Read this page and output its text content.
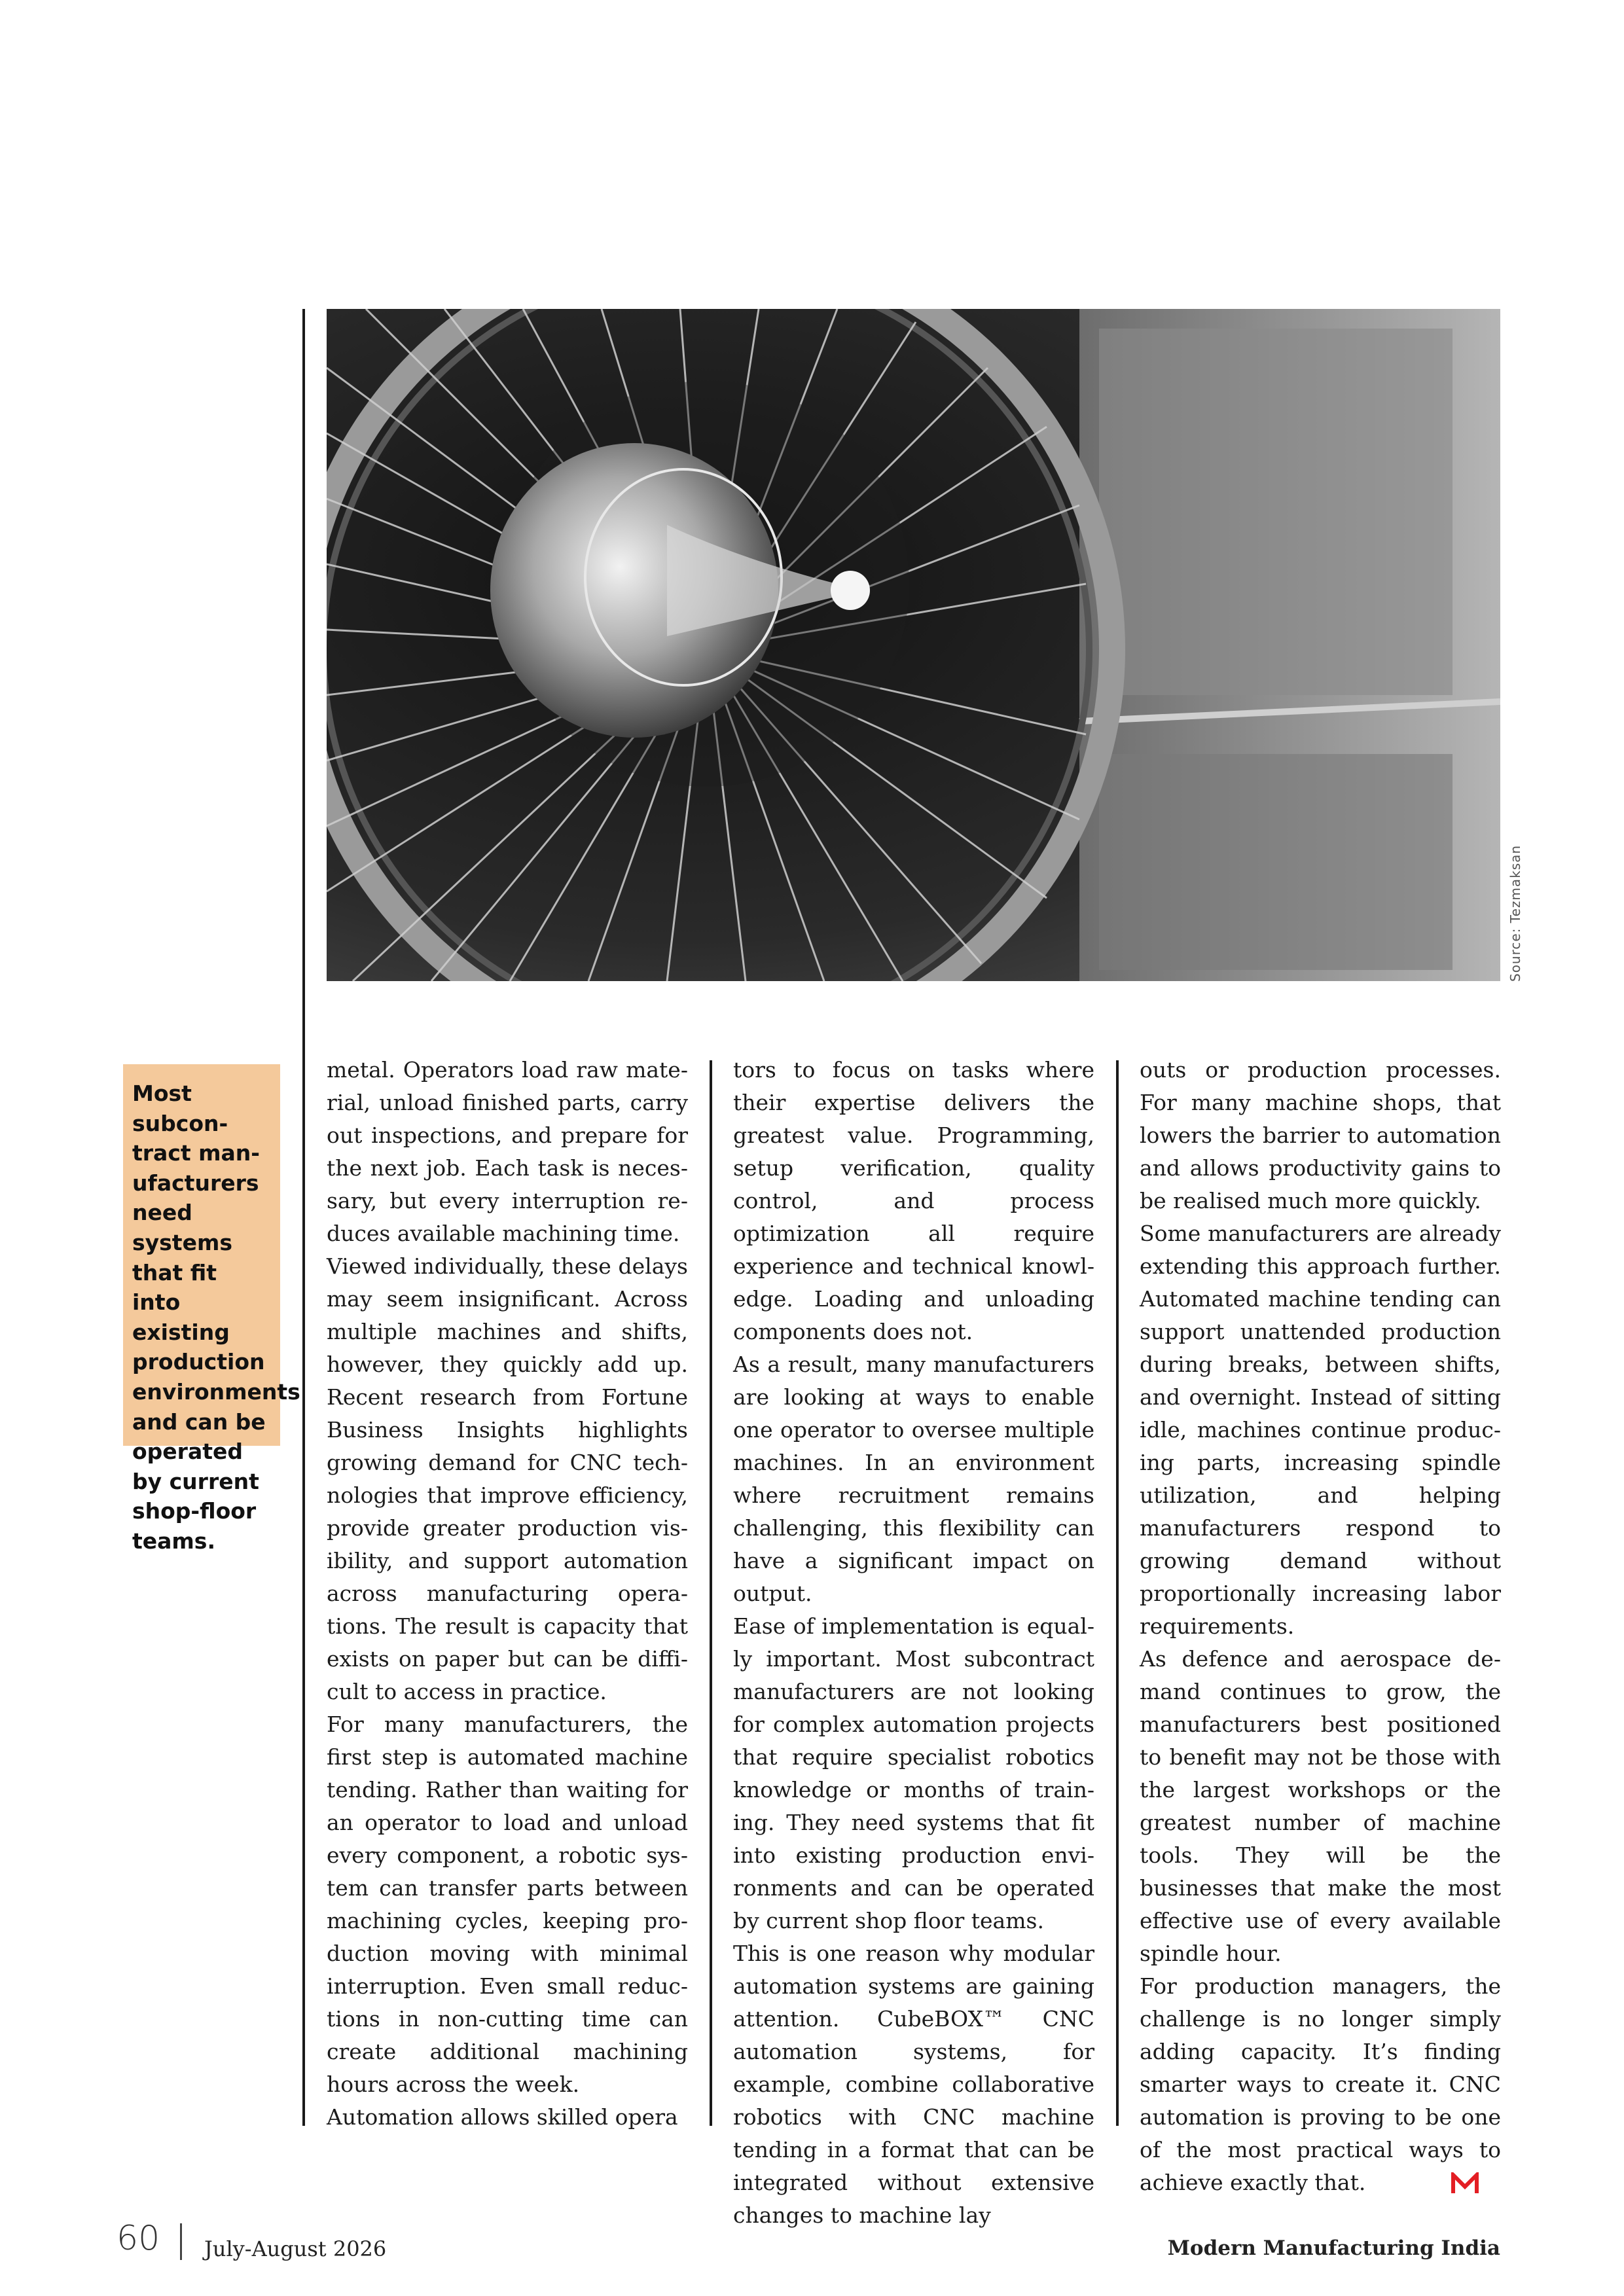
Source: Tezmaksan

Most subcon-tract man-ufacturers need systems that fit into existing production environments and can be operated by current shop-floor teams.

metal. Operators load raw material, unload finished parts, carry out inspections, and prepare for the next job. Each task is necessary, but every interruption reduces available machining time.

Viewed individually, these delays may seem insignificant. Across multiple machines and shifts, however, they quickly add up. Recent research from Fortune Business Insights highlights growing demand for CNC technologies that improve efficiency, provide greater production visibility, and support automation across manufacturing operations. The result is capacity that exists on paper but can be difficult to access in practice.

For many manufacturers, the first step is automated machine tending. Rather than waiting for an operator to load and unload every component, a robotic system can transfer parts between machining cycles, keeping production moving with minimal interruption. Even small reductions in non-cutting time can create additional machining hours across the week.

Automation allows skilled opera

tors to focus on tasks where their expertise delivers the greatest value. Programming, setup verification, quality control, and process optimization all require experience and technical knowledge. Loading and unloading components does not.

As a result, many manufacturers are looking at ways to enable one operator to oversee multiple machines. In an environment where recruitment remains challenging, this flexibility can have a significant impact on output.

Ease of implementation is equally important. Most subcontract manufacturers are not looking for complex automation projects that require specialist robotics knowledge or months of training. They need systems that fit into existing production environments and can be operated by current shop floor teams.

This is one reason why modular automation systems are gaining attention. CubeBOX™ CNC automation systems, for example, combine collaborative robotics with CNC machine tending in a format that can be integrated without extensive changes to machine lay

outs or production processes. For many machine shops, that lowers the barrier to automation and allows productivity gains to be realised much more quickly.

Some manufacturers are already extending this approach further. Automated machine tending can support unattended production during breaks, between shifts, and overnight. Instead of sitting idle, machines continue producing parts, increasing spindle utilization, and helping manufacturers respond to growing demand without proportionally increasing labor requirements.

As defence and aerospace demand continues to grow, the manufacturers best positioned to benefit may not be those with the largest workshops or the greatest number of machine tools. They will be the businesses that make the most effective use of every available spindle hour.

For production managers, the challenge is no longer simply adding capacity. It’s finding smarter ways to create it. CNC automation is proving to be one of the most practical ways to achieve exactly that.

60 July-August 2026	Modern Manufacturing India
